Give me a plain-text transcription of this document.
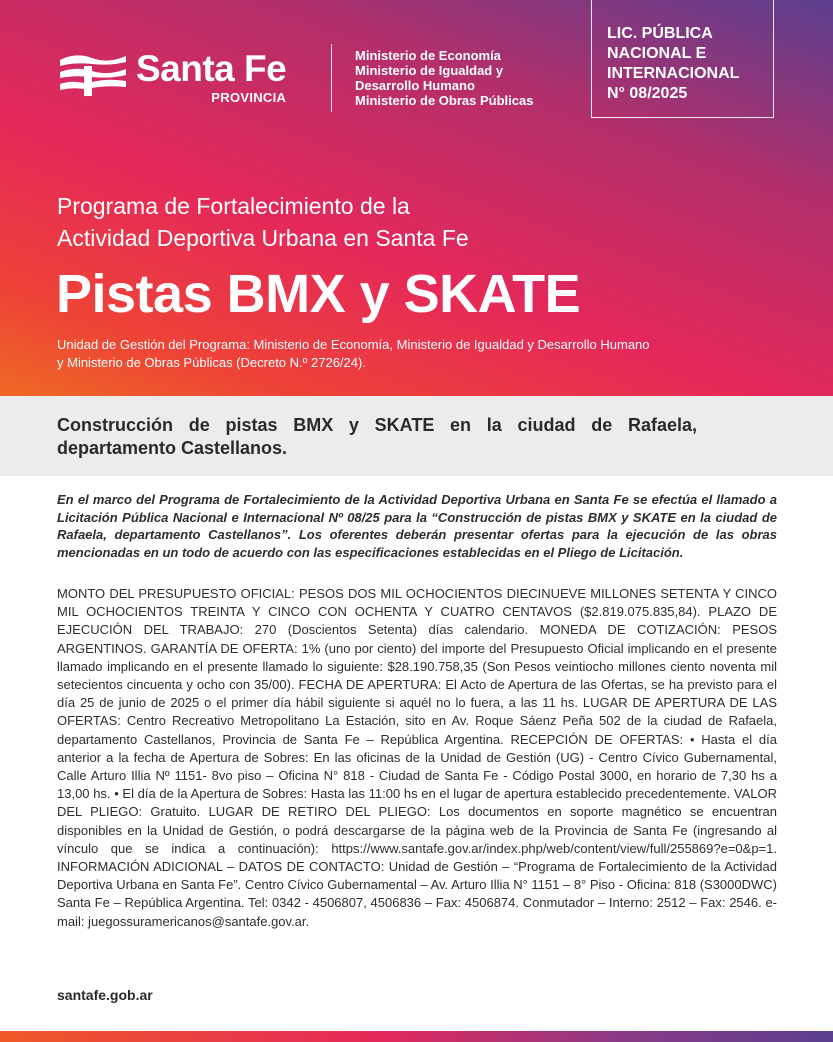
Santa Fe
PROVINCIA
Ministerio de Economía
Ministerio de Igualdad y
Desarrollo Humano
Ministerio de Obras Públicas
LIC. PÚBLICA
NACIONAL E
INTERNACIONAL
N° 08/2025
Programa de Fortalecimiento de la
Actividad Deportiva Urbana en Santa Fe
Pistas BMX y SKATE
Unidad de Gestión del Programa: Ministerio de Economía, Ministerio de Igualdad y Desarrollo Humano
y Ministerio de Obras Públicas (Decreto N.º 2726/24).
Construcción de pistas BMX y SKATE en la ciudad de Rafaela, departamento Castellanos.
En el marco del Programa de Fortalecimiento de la Actividad Deportiva Urbana en Santa Fe se efectúa el llamado a Licitación Pública Nacional e Internacional Nº 08/25 para la “Construcción de pistas BMX y SKATE en la ciudad de Rafaela, departamento Castellanos”. Los oferentes deberán presentar ofertas para la ejecución de las obras mencionadas en un todo de acuerdo con las especificaciones establecidas en el Pliego de Licitación.
MONTO DEL PRESUPUESTO OFICIAL: PESOS DOS MIL OCHOCIENTOS DIECINUEVE MILLONES SETENTA Y CINCO MIL OCHOCIENTOS TREINTA Y CINCO CON OCHENTA Y CUATRO CENTAVOS ($2.819.075.835,84). PLAZO DE EJECUCIÓN DEL TRABAJO: 270 (Doscientos Setenta) días calendario. MONEDA DE COTIZACIÓN: PESOS ARGENTINOS. GARANTÍA DE OFERTA: 1% (uno por ciento) del importe del Presupuesto Oficial implicando en el presente llamado implicando en el presente llamado lo siguiente: $28.190.758,35 (Son Pesos veintiocho millones ciento noventa mil setecientos cincuenta y ocho con 35/00). FECHA DE APERTURA: El Acto de Apertura de las Ofertas, se ha previsto para el día 25 de junio de 2025 o el primer día hábil siguiente si aquél no lo fuera, a las 11 hs. LUGAR DE APERTURA DE LAS OFERTAS: Centro Recreativo Metropolitano La Estación, sito en Av. Roque Sáenz Peña 502 de la ciudad de Rafaela, departamento Castellanos, Provincia de Santa Fe – República Argentina. RECEPCIÓN DE OFERTAS: • Hasta el día anterior a la fecha de Apertura de Sobres: En las oficinas de la Unidad de Gestión (UG) - Centro Cívico Gubernamental, Calle Arturo Illia Nº 1151- 8vo piso – Oficina N° 818 - Ciudad de Santa Fe - Código Postal 3000, en horario de 7,30 hs a 13,00 hs. • El día de la Apertura de Sobres: Hasta las 11:00 hs en el lugar de apertura establecido precedentemente. VALOR DEL PLIEGO: Gratuito. LUGAR DE RETIRO DEL PLIEGO: Los documentos en soporte magnético se encuentran disponibles en la Unidad de Gestión, o podrá descargarse de la página web de la Provincia de Santa Fe (ingresando al vínculo que se indica a continuación): https://www.santafe.gov.ar/index.php/web/content/view/full/255869?e=0&p=1. INFORMACIÓN ADICIONAL – DATOS DE CONTACTO: Unidad de Gestión – “Programa de Fortalecimiento de la Actividad Deportiva Urbana en Santa Fe”. Centro Cívico Gubernamental – Av. Arturo Illia N° 1151 – 8° Piso - Oficina: 818 (S3000DWC) Santa Fe – República Argentina. Tel: 0342 - 4506807, 4506836 – Fax: 4506874. Conmutador – Interno: 2512 – Fax: 2546. e-mail: juegossuramericanos@santafe.gov.ar.
santafe.gob.ar
